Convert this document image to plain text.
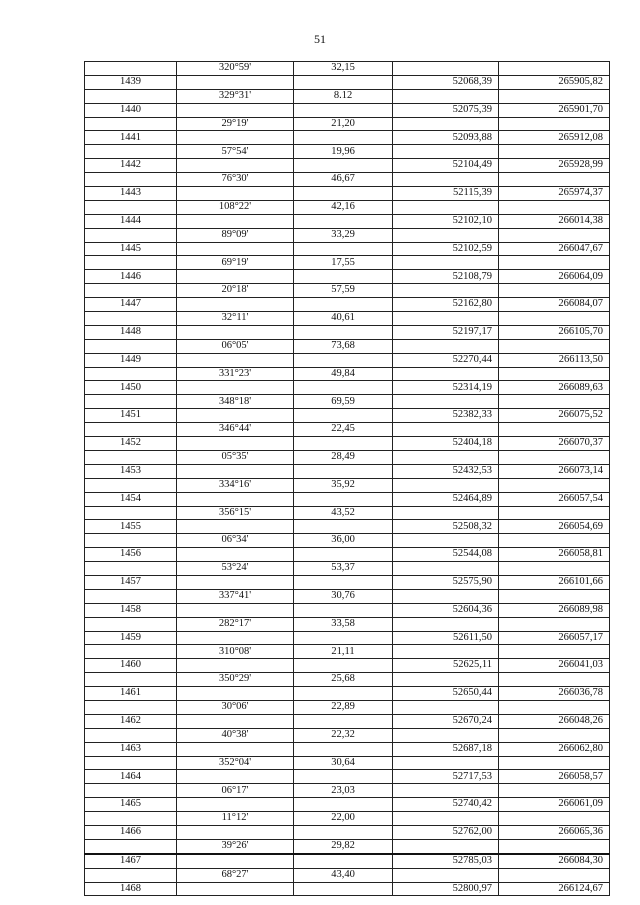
51
	320°59'	32,15		
1439			52068,39	265905,82
	329°31'	8.12		
1440			52075,39	265901,70
	29°19'	21,20		
1441			52093,88	265912,08
	57°54'	19,96		
1442			52104,49	265928,99
	76°30'	46,67		
1443			52115,39	265974,37
	108°22'	42,16		
1444			52102,10	266014,38
	89°09'	33,29		
1445			52102,59	266047,67
	69°19'	17,55		
1446			52108,79	266064,09
	20°18'	57,59		
1447			52162,80	266084,07
	32°11'	40,61		
1448			52197,17	266105,70
	06°05'	73,68		
1449			52270,44	266113,50
	331°23'	49,84		
1450			52314,19	266089,63
	348°18'	69,59		
1451			52382,33	266075,52
	346°44'	22,45		
1452			52404,18	266070,37
	05°35'	28,49		
1453			52432,53	266073,14
	334°16'	35,92		
1454			52464,89	266057,54
	356°15'	43,52		
1455			52508,32	266054,69
	06°34'	36,00		
1456			52544,08	266058,81
	53°24'	53,37		
1457			52575,90	266101,66
	337°41'	30,76		
1458			52604,36	266089,98
	282°17'	33,58		
1459			52611,50	266057,17
	310°08'	21,11		
1460			52625,11	266041,03
	350°29'	25,68		
1461			52650,44	266036,78
	30°06'	22,89		
1462			52670,24	266048,26
	40°38'	22,32		
1463			52687,18	266062,80
	352°04'	30,64		
1464			52717,53	266058,57
	06°17'	23,03		
1465			52740,42	266061,09
	11°12'	22,00		
1466			52762,00	266065,36
	39°26'	29,82		
1467			52785,03	266084,30
	68°27'	43,40		
1468			52800,97	266124,67
